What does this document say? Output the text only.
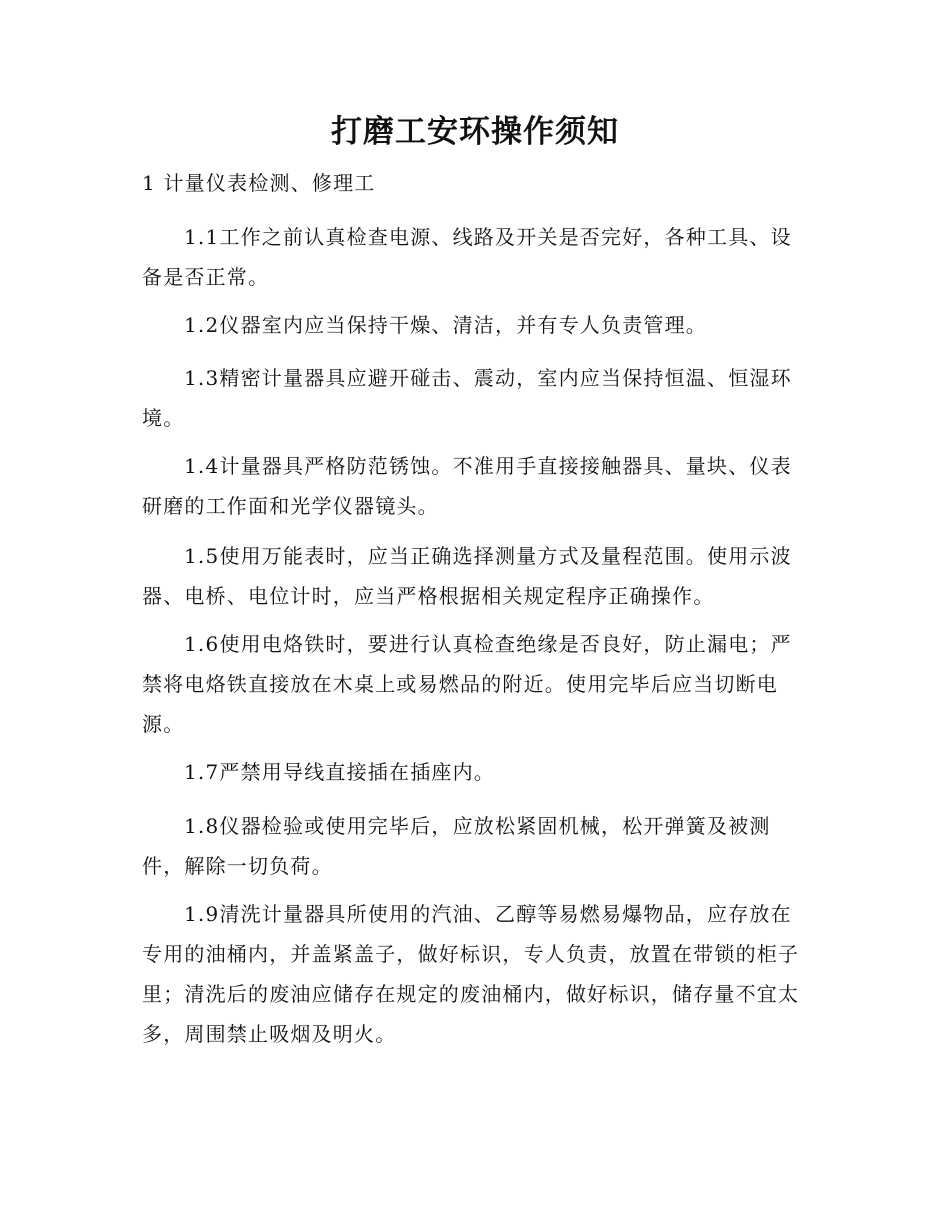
打磨工安环操作须知

1 计量仪表检测、修理工

1.1工作之前认真检查电源、线路及开关是否完好，各种工具、设备是否正常。

1.2仪器室内应当保持干燥、清洁，并有专人负责管理。

1.3精密计量器具应避开碰击、震动，室内应当保持恒温、恒湿环境。

1.4计量器具严格防范锈蚀。不准用手直接接触器具、量块、仪表研磨的工作面和光学仪器镜头。

1.5使用万能表时，应当正确选择测量方式及量程范围。使用示波器、电桥、电位计时，应当严格根据相关规定程序正确操作。

1.6使用电烙铁时，要进行认真检查绝缘是否良好，防止漏电；严禁将电烙铁直接放在木桌上或易燃品的附近。使用完毕后应当切断电源。

1.7严禁用导线直接插在插座内。

1.8仪器检验或使用完毕后，应放松紧固机械，松开弹簧及被测件，解除一切负荷。

1.9清洗计量器具所使用的汽油、乙醇等易燃易爆物品，应存放在专用的油桶内，并盖紧盖子，做好标识，专人负责，放置在带锁的柜子里；清洗后的废油应储存在规定的废油桶内，做好标识，储存量不宜太多，周围禁止吸烟及明火。
